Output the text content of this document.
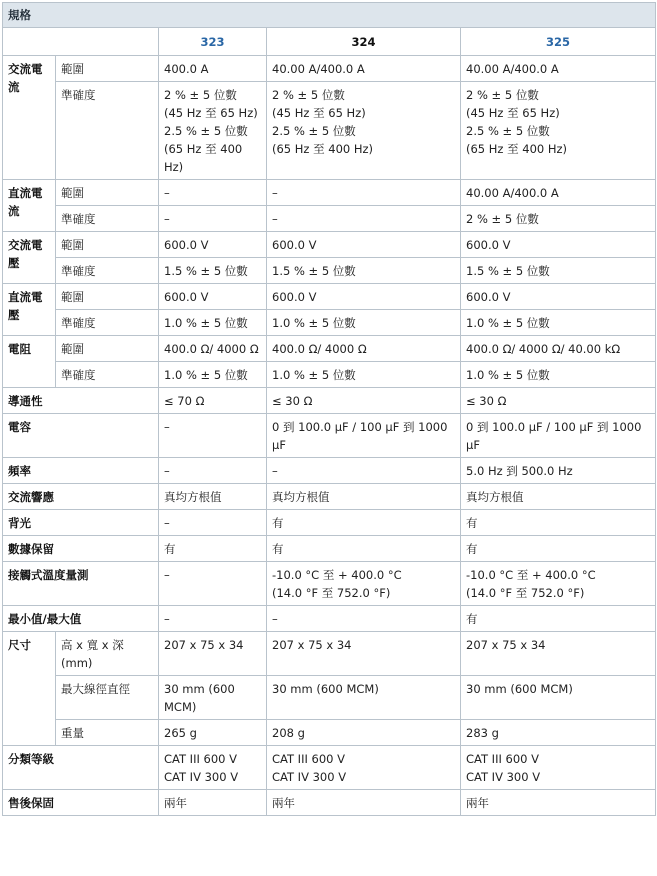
規格				
		323	324	325
交流電流	範圍	400.0 A	40.00 A/400.0 A	40.00 A/400.0 A
	準確度	2 % ± 5 位數
(45 Hz 至 65 Hz)
2.5 % ± 5 位數
(65 Hz 至 400 Hz)	2 % ± 5 位數
(45 Hz 至 65 Hz)
2.5 % ± 5 位數
(65 Hz 至 400 Hz)	2 % ± 5 位數
(45 Hz 至 65 Hz)
2.5 % ± 5 位數
(65 Hz 至 400 Hz)

直流電流	範圍	–	–	40.00 A/400.0 A
	準確度	–	–	2 % ± 5 位數
交流電壓	範圍	600.0 V	600.0 V	600.0 V
	準確度	1.5 % ± 5 位數	1.5 % ± 5 位數	1.5 % ± 5 位數
直流電壓	範圍	600.0 V	600.0 V	600.0 V
	準確度	1.0 % ± 5 位數	1.0 % ± 5 位數	1.0 % ± 5 位數
電阻	範圍	400.0 Ω/ 4000 Ω	400.0 Ω/ 4000 Ω	400.0 Ω/ 4000 Ω/ 40.00 kΩ
	準確度	1.0 % ± 5 位數	1.0 % ± 5 位數	1.0 % ± 5 位數
導通性		≤ 70 Ω	≤ 30 Ω	≤ 30 Ω
電容		–	0 到 100.0 µF / 100 µF 到 1000 µF	0 到 100.0 µF / 100 µF 到 1000 µF
頻率		–	–	5.0 Hz 到 500.0 Hz
交流響應		真均方根值	真均方根值	真均方根值
背光		–	有	有
數據保留		有	有	有
接觸式溫度量測		–	-10.0 °C 至 + 400.0 °C
(14.0 °F 至 752.0 °F)	-10.0 °C 至 + 400.0 °C
(14.0 °F 至 752.0 °F)

最小值/最大值		–	–	有
尺寸	高 x 寬 x 深 (mm)	207 x 75 x 34	207 x 75 x 34	207 x 75 x 34
	最大線徑直徑	30 mm (600 MCM)	30 mm (600 MCM)	30 mm (600 MCM)
	重量	265 g	208 g	283 g
分類等級		CAT III 600 V
CAT IV 300 V	CAT III 600 V
CAT IV 300 V	CAT III 600 V
CAT IV 300 V

售後保固		兩年	兩年	兩年
